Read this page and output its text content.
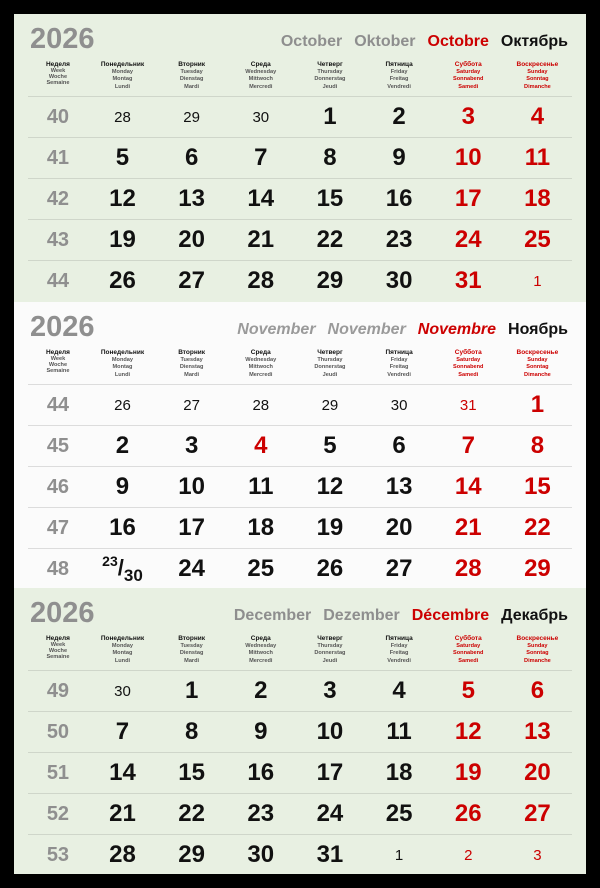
2026	October Oktober Octobre Октябрь
Неделя
Week
Woche
Semaine	Понедельник
Monday
Montag
Lundi	Вторник
Tuesday
Dienstag
Mardi	Среда
Wednesday
Mittwoch
Mercredi	Четверг
Thursday
Donnerstag
Jeudi	Пятница
Friday
Freitag
Vendredi	Суббота
Saturday
Sonnabend
Samedi	Воскресенье
Sunday
Sonntag
Dimanche

40	28	29	30	1	2	3	4
41	5	6	7	8	9	10	11
42	12	13	14	15	16	17	18
43	19	20	21	22	23	24	25
44	26	27	28	29	30	31	1
2026	November November Novembre Ноябрь
Неделя
Week
Woche
Semaine	Понедельник
Monday
Montag
Lundi	Вторник
Tuesday
Dienstag
Mardi	Среда
Wednesday
Mittwoch
Mercredi	Четверг
Thursday
Donnerstag
Jeudi	Пятница
Friday
Freitag
Vendredi	Суббота
Saturday
Sonnabend
Samedi	Воскресенье
Sunday
Sonntag
Dimanche

44	26	27	28	29	30	31	1
45	2	3	4	5	6	7	8
46	9	10	11	12	13	14	15
47	16	17	18	19	20	21	22
48	$^{23}/_{30}$	24	25	26	27	28	29
2026	December Dezember Décembre Декабрь
Неделя
Week
Woche
Semaine	Понедельник
Monday
Montag
Lundi	Вторник
Tuesday
Dienstag
Mardi	Среда
Wednesday
Mittwoch
Mercredi	Четверг
Thursday
Donnerstag
Jeudi	Пятница
Friday
Freitag
Vendredi	Суббота
Saturday
Sonnabend
Samedi	Воскресенье
Sunday
Sonntag
Dimanche

49	30	1	2	3	4	5	6
50	7	8	9	10	11	12	13
51	14	15	16	17	18	19	20
52	21	22	23	24	25	26	27
53	28	29	30	31	1	2	3
